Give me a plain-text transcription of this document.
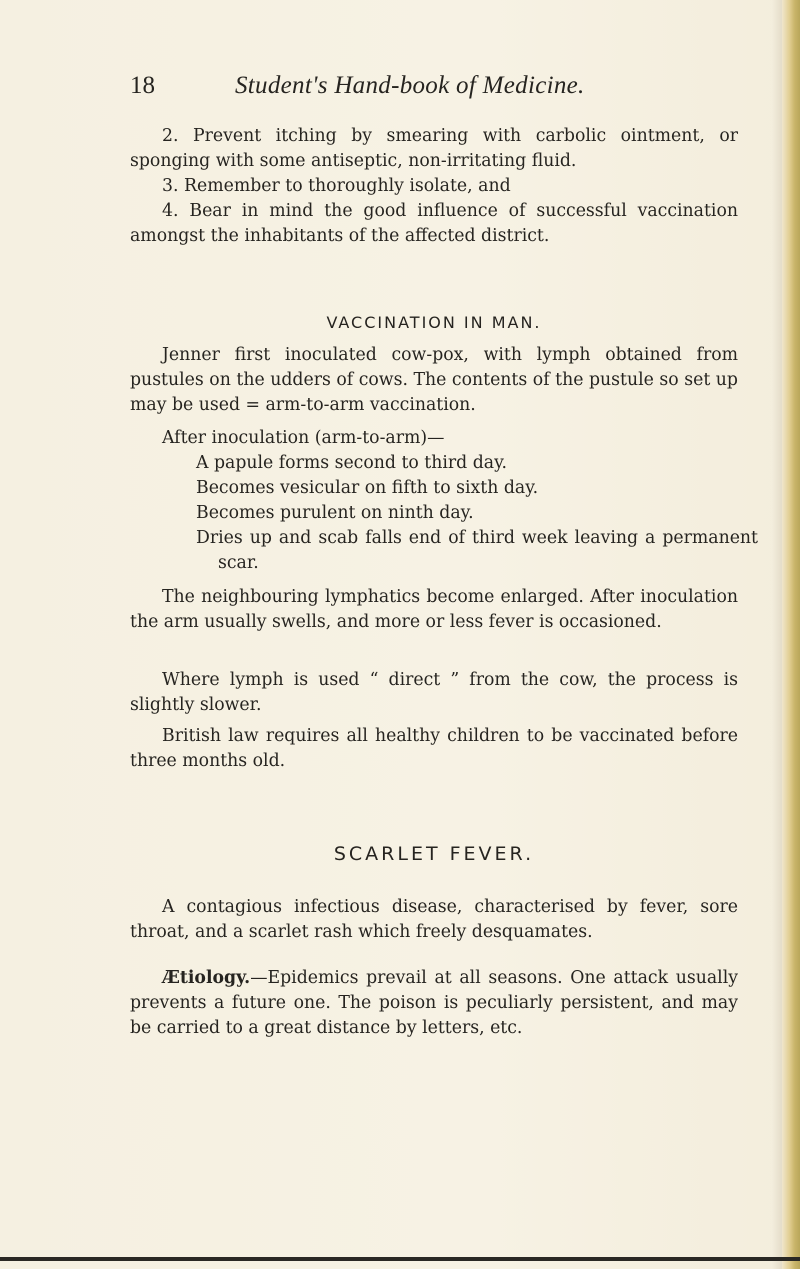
18	Student's Hand-book of Medicine.

2. Prevent itching by smearing with carbolic ointment, or sponging with some antiseptic, non-irritating fluid.

3. Remember to thoroughly isolate, and

4. Bear in mind the good influence of successful vaccination amongst the inhabitants of the affected district.

VACCINATION IN MAN.

Jenner first inoculated cow-pox, with lymph obtained from pustules on the udders of cows. The contents of the pustule so set up may be used = arm-to-arm vaccination.

After inoculation (arm-to-arm)—

A papule forms second to third day.

Becomes vesicular on fifth to sixth day.

Becomes purulent on ninth day.

Dries up and scab falls end of third week leaving a permanent scar.

The neighbouring lymphatics become enlarged. After inoculation the arm usually swells, and more or less fever is occasioned.

Where lymph is used “ direct ” from the cow, the process is slightly slower.

British law requires all healthy children to be vaccinated before three months old.

SCARLET FEVER.

A contagious infectious disease, characterised by fever, sore throat, and a scarlet rash which freely desquamates.

Ætiology.—Epidemics prevail at all seasons. One attack usually prevents a future one. The poison is peculiarly persistent, and may be carried to a great distance by letters, etc.
